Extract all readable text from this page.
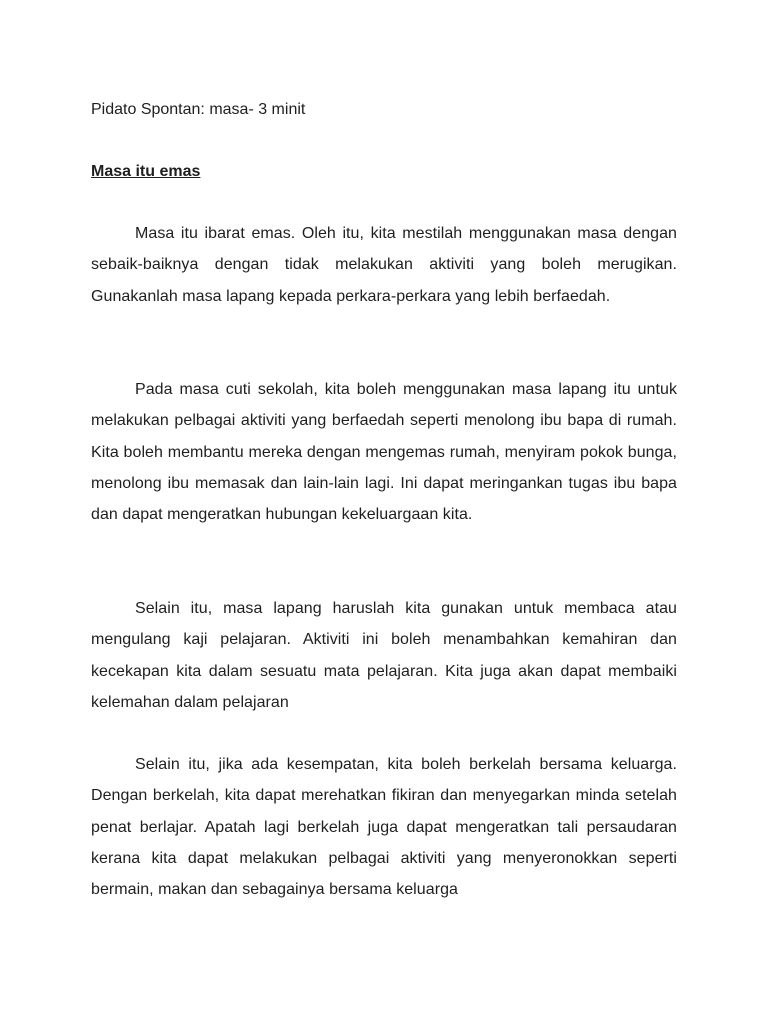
Pidato Spontan: masa- 3 minit
Masa itu emas

Masa itu ibarat emas. Oleh itu, kita mestilah menggunakan masa dengan sebaik-baiknya dengan tidak melakukan aktiviti yang boleh merugikan. Gunakanlah masa lapang kepada perkara-perkara yang lebih berfaedah.

Pada masa cuti sekolah, kita boleh menggunakan masa lapang itu untuk melakukan pelbagai aktiviti yang berfaedah seperti menolong ibu bapa di rumah. Kita boleh membantu mereka dengan mengemas rumah, menyiram pokok bunga, menolong ibu memasak dan lain-lain lagi. Ini dapat meringankan tugas ibu bapa dan dapat mengeratkan hubungan kekeluargaan kita.

Selain itu, masa lapang haruslah kita gunakan untuk membaca atau mengulang kaji pelajaran. Aktiviti ini boleh menambahkan kemahiran dan kecekapan kita dalam sesuatu mata pelajaran. Kita juga akan dapat membaiki kelemahan dalam pelajaran

Selain itu, jika ada kesempatan, kita boleh berkelah bersama keluarga. Dengan berkelah, kita dapat merehatkan fikiran dan menyegarkan minda setelah penat berlajar. Apatah lagi berkelah juga dapat mengeratkan tali persaudaran kerana kita dapat melakukan pelbagai aktiviti yang menyeronokkan seperti bermain, makan dan sebagainya bersama keluarga
